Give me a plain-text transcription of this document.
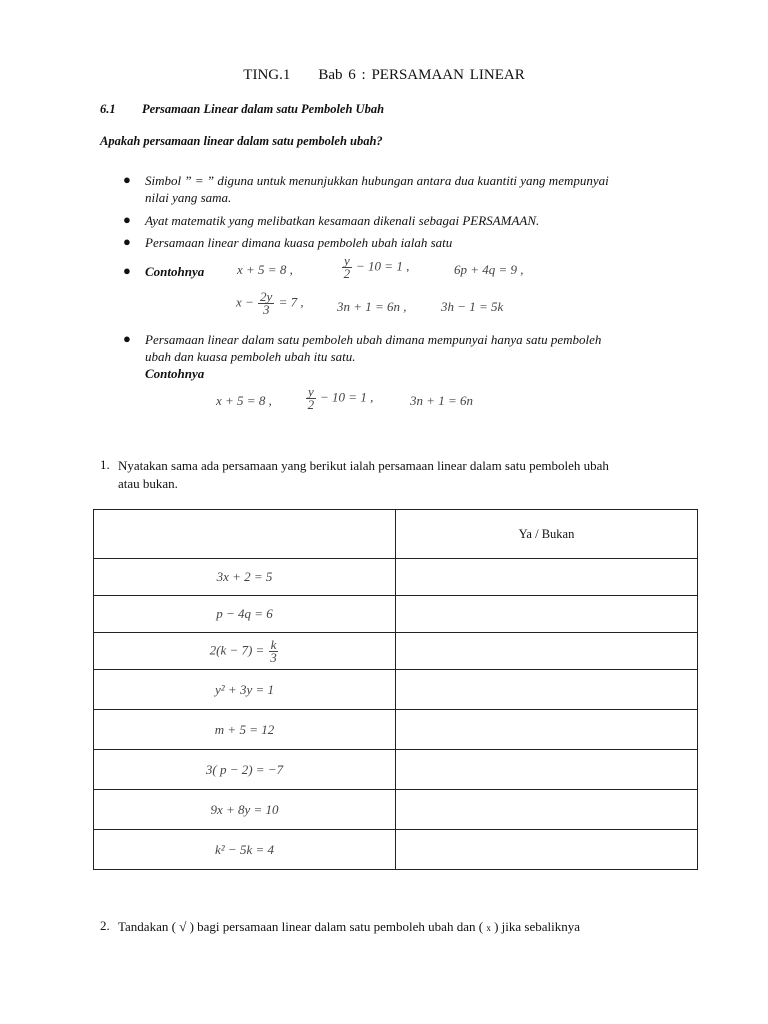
TING.1 Bab 6 : PERSAMAAN LINEAR
6.1 Persamaan Linear dalam satu Pemboleh Ubah
Apakah persamaan linear dalam satu pemboleh ubah?
● Simbol ” = ” diguna untuk menunjukkan hubungan antara dua kuantiti yang mempunyai
nilai yang sama.
● Ayat matematik yang melibatkan kesamaan dikenali sebagai PERSAMAAN.
● Persamaan linear dimana kuasa pemboleh ubah ialah satu
● Contohnya	x + 5 = 8 ,	$\frac{y}{2} - 10 = 1$ ,	6p + 4q = 9 ,
$x - \frac{2y}{3} = 7$ ,	3n + 1 = 6n ,	3h − 1 = 5k
● Persamaan linear dalam satu pemboleh ubah dimana mempunyai hanya satu pemboleh
ubah dan kuasa pemboleh ubah itu satu.
Contohnya
x + 5 = 8 ,	$\frac{y}{2} - 10 = 1$ ,	3n + 1 = 6n
1. Nyatakan sama ada persamaan yang berikut ialah persamaan linear dalam satu pemboleh ubah
atau bukan.
	Ya / Bukan
3x + 2 = 5	
p − 4q = 6	
$2(k - 7) = \frac{k}{3}$

y² + 3y = 1	
m + 5 = 12	
3( p − 2) = −7	
9x + 8y = 10	
k² − 5k = 4	
2. Tandakan ( √ ) bagi persamaan linear dalam satu pemboleh ubah dan ( x ) jika sebaliknya
